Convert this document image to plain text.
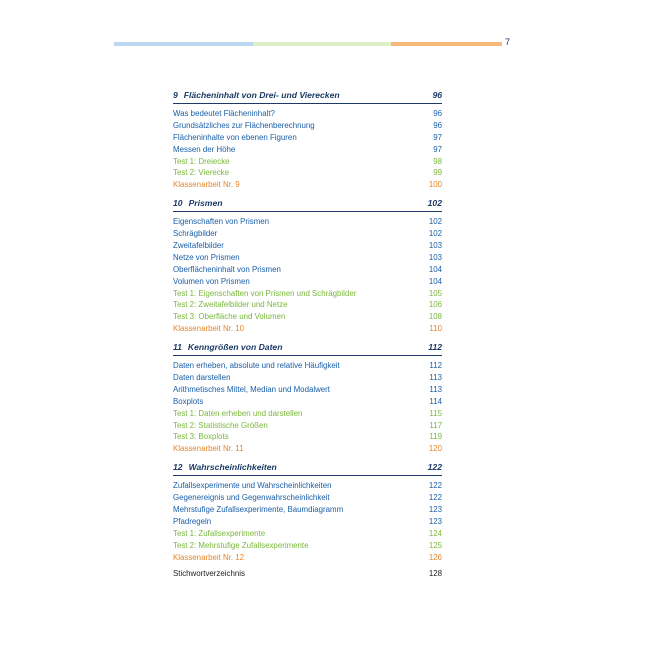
7
9 Flächeninhalt von Drei- und Vierecken	96
Was bedeutet Flächeninhalt?	96
Grundsätzliches zur Flächenberechnung	96
Flächeninhalte von ebenen Figuren	97
Messen der Höhe	97
Test 1: Dreiecke	98
Test 2: Vierecke	99
Klassenarbeit Nr. 9	100
10 Prismen	102
Eigenschaften von Prismen	102
Schrägbilder	102
Zweitafelbilder	103
Netze von Prismen	103
Oberflächeninhalt von Prismen	104
Volumen von Prismen	104
Test 1: Eigenschaften von Prismen und Schrägbilder	105
Test 2: Zweitafelbilder und Netze	106
Test 3: Oberfläche und Volumen	108
Klassenarbeit Nr. 10	110
11 Kenngrößen von Daten	112
Daten erheben, absolute und relative Häufigkeit	112
Daten darstellen	113
Arithmetisches Mittel, Median und Modalwert	113
Boxplots	114
Test 1: Daten erheben und darstellen	115
Test 2: Statistische Größen	117
Test 3: Boxplots	119
Klassenarbeit Nr. 11	120
12 Wahrscheinlichkeiten	122
Zufallsexperimente und Wahrscheinlichkeiten	122
Gegenereignis und Gegenwahrscheinlichkeit	122
Mehrstufige Zufallsexperimente, Baumdiagramm	123
Pfadregeln	123
Test 1: Zufallsexperimente	124
Test 2: Mehrstufige Zufallsexperimente	125
Klassenarbeit Nr. 12	126
Stichwortverzeichnis	128
